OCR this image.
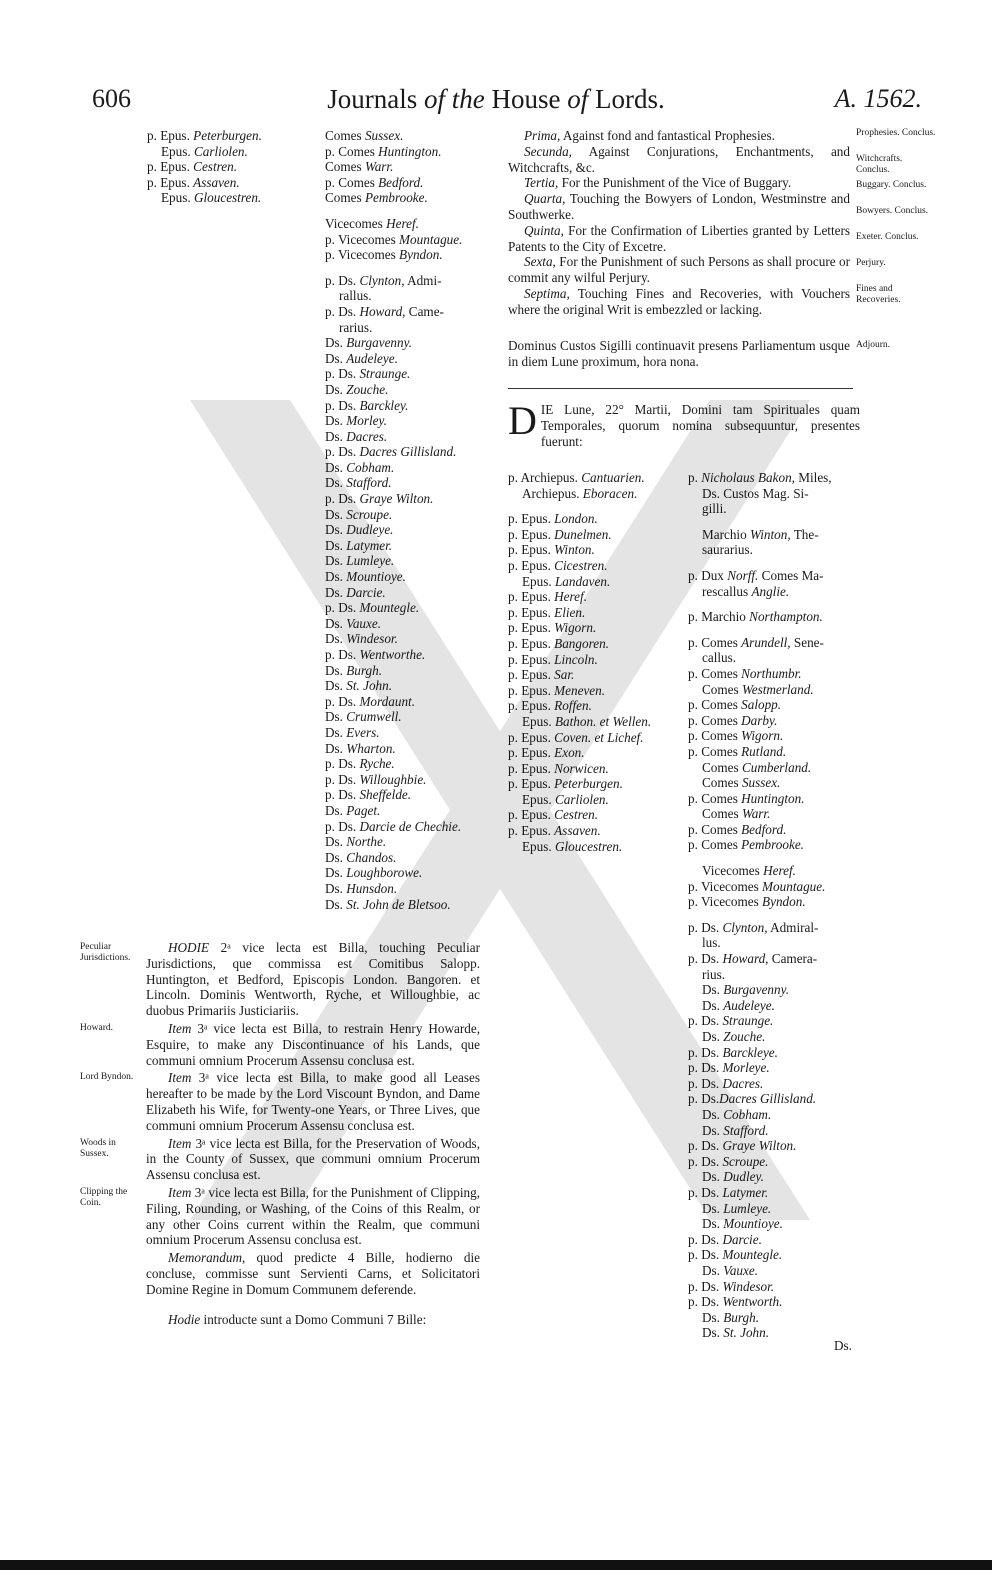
606	Journals of the House of Lords.	A. 1562.
p. Epus. Peterburgen.
Epus. Carliolen.
p. Epus. Cestren.
p. Epus. Assaven.
Epus. Gloucestren.
Comes Sussex.
p. Comes Huntington.
Comes Warr.
p. Comes Bedford.
Comes Pembrooke.
Vicecomes Heref.
p. Vicecomes Mountague.
p. Vicecomes Byndon.
p. Ds. Clynton, Admi-
rallus.
p. Ds. Howard, Came-
rarius.
Ds. Burgavenny.
Ds. Audeleye.
p. Ds. Straunge.
Ds. Zouche.
p. Ds. Barckley.
Ds. Morley.
Ds. Dacres.
p. Ds. Dacres Gillisland.
Ds. Cobham.
Ds. Stafford.
p. Ds. Graye Wilton.
Ds. Scroupe.
Ds. Dudleye.
Ds. Latymer.
Ds. Lumleye.
Ds. Mountioye.
Ds. Darcie.
p. Ds. Mountegle.
Ds. Vauxe.
Ds. Windesor.
p. Ds. Wentworthe.
Ds. Burgh.
Ds. St. John.
p. Ds. Mordaunt.
Ds. Crumwell.
Ds. Evers.
Ds. Wharton.
p. Ds. Ryche.
p. Ds. Willoughbie.
p. Ds. Sheffelde.
Ds. Paget.
p. Ds. Darcie de Chechie.
Ds. Northe.
Ds. Chandos.
Ds. Loughborowe.
Ds. Hunsdon.
Ds. St. John de Bletsoo.
Prima, Against fond and fantastical Prophesies.
Secunda, Against Conjurations, Enchantments, and Witchcrafts, &c.
Tertia, For the Punishment of the Vice of Buggary.
Quarta, Touching the Bowyers of London, Westminstre and Southwerke.
Quinta, For the Confirmation of Liberties granted by Letters Patents to the City of Excetre.
Sexta, For the Punishment of such Persons as shall procure or commit any wilful Perjury.
Septima, Touching Fines and Recoveries, with Vouchers where the original Writ is embezzled or lacking.
Prophesies. Conclus.
Witchcrafts. Conclus.
Buggary. Conclus.
Bowyers. Conclus.
Exeter. Conclus.
Perjury.
Fines and Recoveries.
Dominus Custos Sigilli continuavit presens Parliamentum usque in diem Lune proximum, hora nona.
Adjourn.
DIE Lune, 22° Martii, Domini tam Spirituales quam Temporales, quorum nomina subsequuntur, presentes fuerunt:
p. Archiepus. Cantuarien.
Archiepus. Eboracen.
p. Epus. London.
p. Epus. Dunelmen.
p. Epus. Winton.
p. Epus. Cicestren.
Epus. Landaven.
p. Epus. Heref.
p. Epus. Elien.
p. Epus. Wigorn.
p. Epus. Bangoren.
p. Epus. Lincoln.
p. Epus. Sar.
p. Epus. Meneven.
p. Epus. Roffen.
Epus. Bathon. et Wellen.
p. Epus. Coven. et Lichef.
p. Epus. Exon.
p. Epus. Norwicen.
p. Epus. Peterburgen.
Epus. Carliolen.
p. Epus. Cestren.
p. Epus. Assaven.
Epus. Gloucestren.
p. Nicholaus Bakon, Miles,
Ds. Custos Mag. Si-
gilli.
Marchio Winton, The-
saurarius.
p. Dux Norff. Comes Ma-
rescallus Anglie.
p. Marchio Northampton.
p. Comes Arundell, Sene-
callus.
p. Comes Northumbr.
Comes Westmerland.
p. Comes Salopp.
p. Comes Darby.
p. Comes Wigorn.
p. Comes Rutland.
Comes Cumberland.
Comes Sussex.
p. Comes Huntington.
Comes Warr.
p. Comes Bedford.
p. Comes Pembrooke.
Vicecomes Heref.
p. Vicecomes Mountague.
p. Vicecomes Byndon.
p. Ds. Clynton, Admiral-
lus.
p. Ds. Howard, Camera-
rius.
Ds. Burgavenny.
Ds. Audeleye.
p. Ds. Straunge.
Ds. Zouche.
p. Ds. Barckleye.
p. Ds. Morleye.
p. Ds. Dacres.
p. Ds.Dacres Gillisland.
Ds. Cobham.
Ds. Stafford.
p. Ds. Graye Wilton.
p. Ds. Scroupe.
Ds. Dudley.
p. Ds. Latymer.
Ds. Lumleye.
Ds. Mountioye.
p. Ds. Darcie.
p. Ds. Mountegle.
Ds. Vauxe.
p. Ds. Windesor.
p. Ds. Wentworth.
Ds. Burgh.
Ds. St. John.
Peculiar Jurisdictions.
HODIE 2ᵃ vice lecta est Billa, touching Peculiar Jurisdictions, que commissa est Comitibus Salopp. Huntington, et Bedford, Episcopis London. Bangoren. et Lincoln. Dominis Wentworth, Ryche, et Willoughbie, ac duobus Primariis Justiciariis.
Howard.	Item 3ᵃ vice lecta est Billa, to restrain Henry Howarde, Esquire, to make any Discontinuance of his Lands, que communi omnium Procerum Assensu conclusa est.
Lord Byndon.	Item 3ᵃ vice lecta est Billa, to make good all Leases hereafter to be made by the Lord Viscount Byndon, and Dame Elizabeth his Wife, for Twenty-one Years, or Three Lives, que communi omnium Procerum Assensu conclusa est.
Woods in Sussex.
Item 3ᵃ vice lecta est Billa, for the Preservation of Woods, in the County of Sussex, que communi omnium Procerum Assensu conclusa est.
Clipping the Coin.
Item 3ᵃ vice lecta est Billa, for the Punishment of Clipping, Filing, Rounding, or Washing, of the Coins of this Realm, or any other Coins current within the Realm, que communi omnium Procerum Assensu conclusa est.
Memorandum, quod predicte 4 Bille, hodierno die concluse, commisse sunt Servienti Carns, et Solicitatori Domine Regine in Domum Communem deferende.
Hodie introducte sunt a Domo Communi 7 Bille:
Ds.
